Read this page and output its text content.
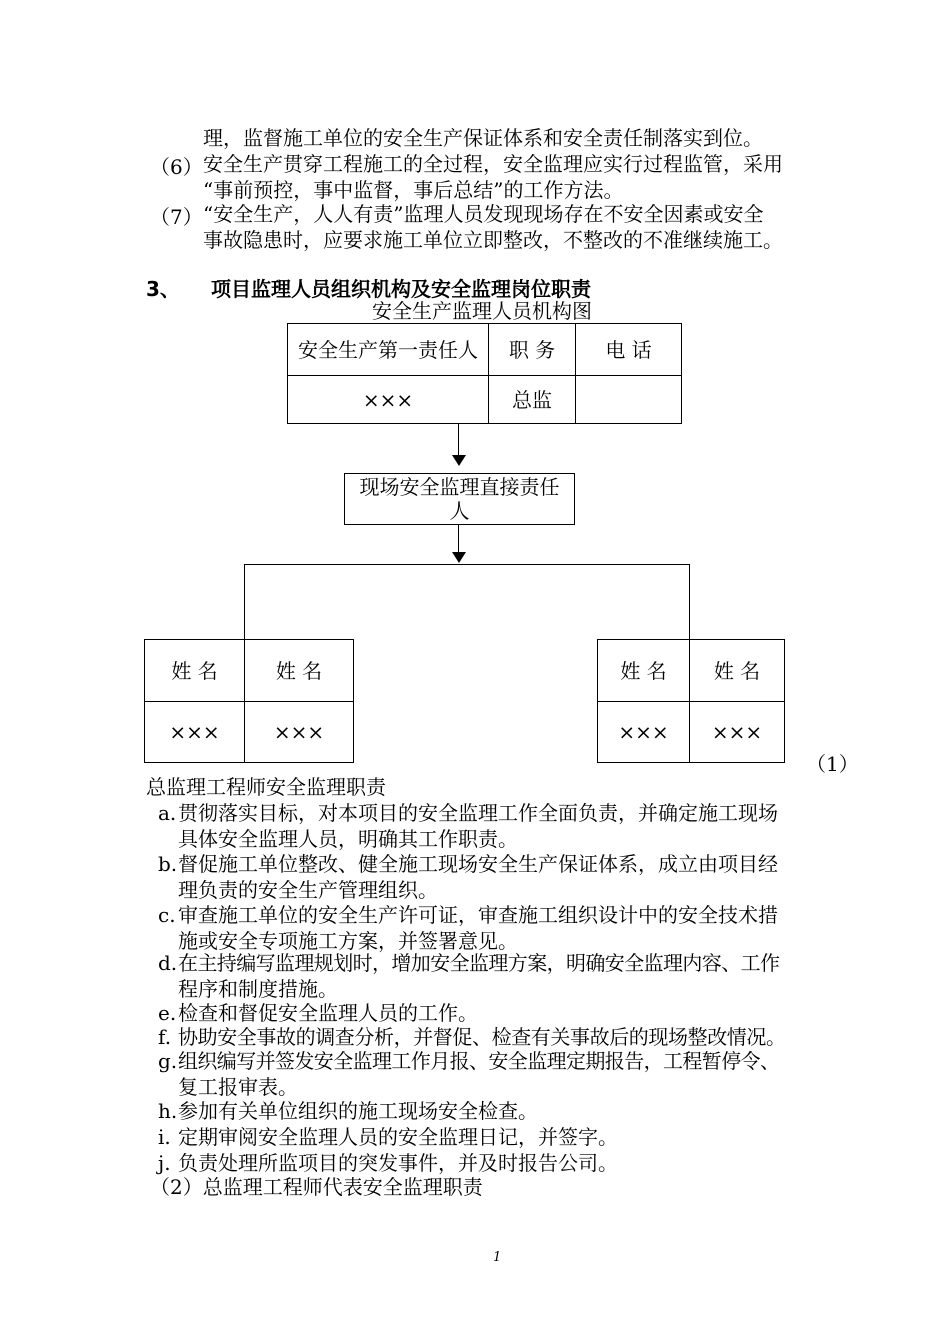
理，监督施工单位的安全生产保证体系和安全责任制落实到位。
（6） 安全生产贯穿工程施工的全过程，安全监理应实行过程监管，采用
“事前预控，事中监督，事后总结”的工作方法。
（7） “安全生产，人人有责”监理人员发现现场存在不安全因素或安全
事故隐患时，应要求施工单位立即整改，不整改的不准继续施工。
3、 项目监理人员组织机构及安全监理岗位职责
安全生产监理人员机构图
安全生产第一责任人	职 务	电 话
×××	总监
现场安全监理直接责任人
姓 名	姓 名
×××	×××
姓 名	姓 名
×××	×××
（1）
总监理工程师安全监理职责
a. 贯彻落实目标，对本项目的安全监理工作全面负责，并确定施工现场
具体安全监理人员，明确其工作职责。
b. 督促施工单位整改、健全施工现场安全生产保证体系，成立由项目经
理负责的安全生产管理组织。
c. 审查施工单位的安全生产许可证，审查施工组织设计中的安全技术措
施或安全专项施工方案，并签署意见。
d. 在主持编写监理规划时，增加安全监理方案，明确安全监理内容、工作
程序和制度措施。
e. 检查和督促安全监理人员的工作。
f. 协助安全事故的调查分析，并督促、检查有关事故后的现场整改情况。
g. 组织编写并签发安全监理工作月报、安全监理定期报告，工程暂停令、
复工报审表。
h. 参加有关单位组织的施工现场安全检查。
i. 定期审阅安全监理人员的安全监理日记，并签字。
j. 负责处理所监项目的突发事件，并及时报告公司。
（2）总监理工程师代表安全监理职责
1
